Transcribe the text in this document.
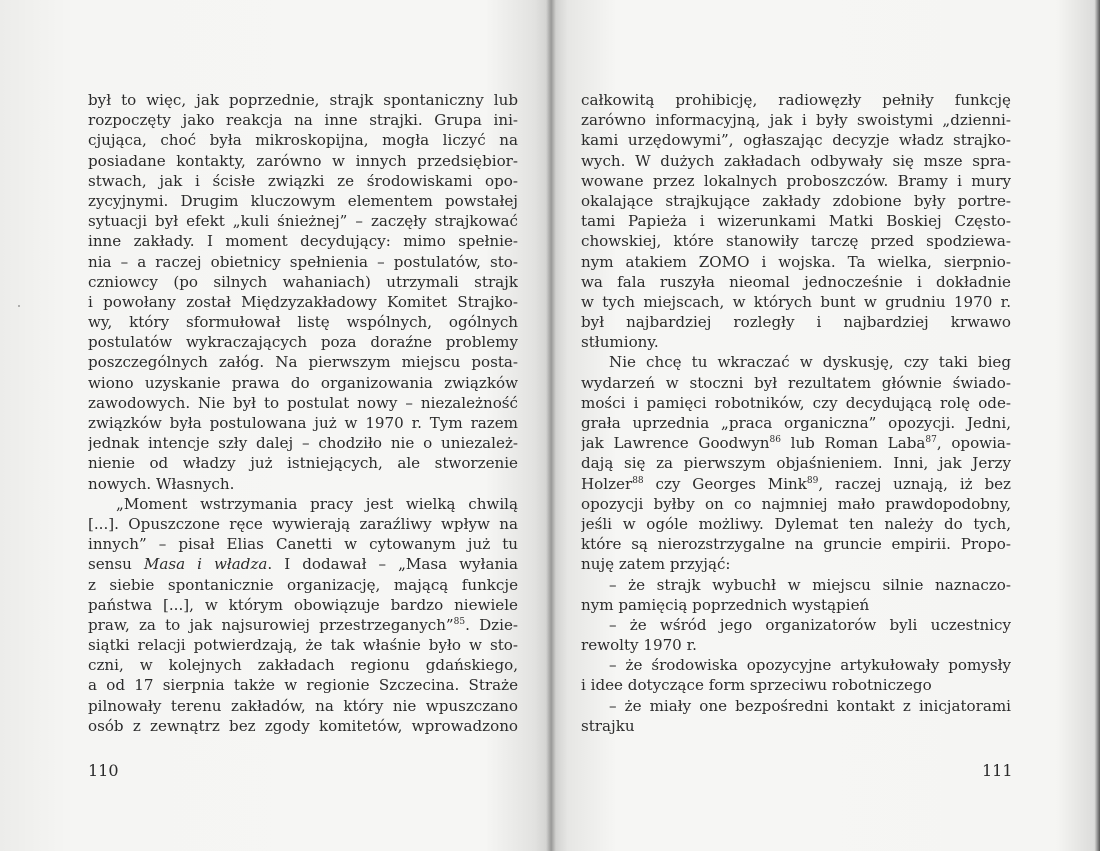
był to więc, jak poprzednie, strajk spontaniczny lub
rozpoczęty jako reakcja na inne strajki. Grupa ini-
cjująca, choć była mikroskopijna, mogła liczyć na
posiadane kontakty, zarówno w innych przedsiębior-
stwach, jak i ścisłe związki ze środowiskami opo-
zycyjnymi. Drugim kluczowym elementem powstałej
sytuacji był efekt „kuli śnieżnej” – zaczęły strajkować
inne zakłady. I moment decydujący: mimo spełnie-
nia – a raczej obietnicy spełnienia – postulatów, sto-
czniowcy (po silnych wahaniach) utrzymali strajk
i powołany został Międzyzakładowy Komitet Strajko-
wy, który sformułował listę wspólnych, ogólnych
postulatów wykraczających poza doraźne problemy
poszczególnych załóg. Na pierwszym miejscu posta-
wiono uzyskanie prawa do organizowania związków
zawodowych. Nie był to postulat nowy – niezależność
związków była postulowana już w 1970 r. Tym razem
jednak intencje szły dalej – chodziło nie o uniezależ-
nienie od władzy już istniejących, ale stworzenie
nowych. Własnych.
„Moment wstrzymania pracy jest wielką chwilą
[...]. Opuszczone ręce wywierają zaraźliwy wpływ na
innych” – pisał Elias Canetti w cytowanym już tu
sensu Masa i władza. I dodawał – „Masa wyłania
z siebie spontanicznie organizację, mającą funkcje
państwa [...], w którym obowiązuje bardzo niewiele
praw, za to jak najsurowiej przestrzeganych”$^{85}$. Dzie-
siątki relacji potwierdzają, że tak właśnie było w sto-
czni, w kolejnych zakładach regionu gdańskiego,
a od 17 sierpnia także w regionie Szczecina. Straże
pilnowały terenu zakładów, na który nie wpuszczano
osób z zewnątrz bez zgody komitetów, wprowadzono
110
całkowitą prohibicję, radiowęzły pełniły funkcję
zarówno informacyjną, jak i były swoistymi „dzienni-
kami urzędowymi”, ogłaszając decyzje władz strajko-
wych. W dużych zakładach odbywały się msze spra-
wowane przez lokalnych proboszczów. Bramy i mury
okalające strajkujące zakłady zdobione były portre-
tami Papieża i wizerunkami Matki Boskiej Często-
chowskiej, które stanowiły tarczę przed spodziewa-
nym atakiem ZOMO i wojska. Ta wielka, sierpnio-
wa fala ruszyła nieomal jednocześnie i dokładnie
w tych miejscach, w których bunt w grudniu 1970 r.
był najbardziej rozległy i najbardziej krwawo
stłumiony.
Nie chcę tu wkraczać w dyskusję, czy taki bieg
wydarzeń w stoczni był rezultatem głównie świado-
mości i pamięci robotników, czy decydującą rolę ode-
grała uprzednia „praca organiczna” opozycji. Jedni,
jak Lawrence Goodwyn$^{86}$ lub Roman Laba$^{87}$, opowia-
dają się za pierwszym objaśnieniem. Inni, jak Jerzy
Holzer$^{88}$ czy Georges Mink$^{89}$, raczej uznają, iż bez
opozycji byłby on co najmniej mało prawdopodobny,
jeśli w ogóle możliwy. Dylemat ten należy do tych,
które są nierozstrzygalne na gruncie empirii. Propo-
nuję zatem przyjąć:
– że strajk wybuchł w miejscu silnie naznaczo-
nym pamięcią poprzednich wystąpień
– że wśród jego organizatorów byli uczestnicy
rewolty 1970 r.
– że środowiska opozycyjne artykułowały pomysły
i idee dotyczące form sprzeciwu robotniczego
– że miały one bezpośredni kontakt z inicjatorami
strajku
111
